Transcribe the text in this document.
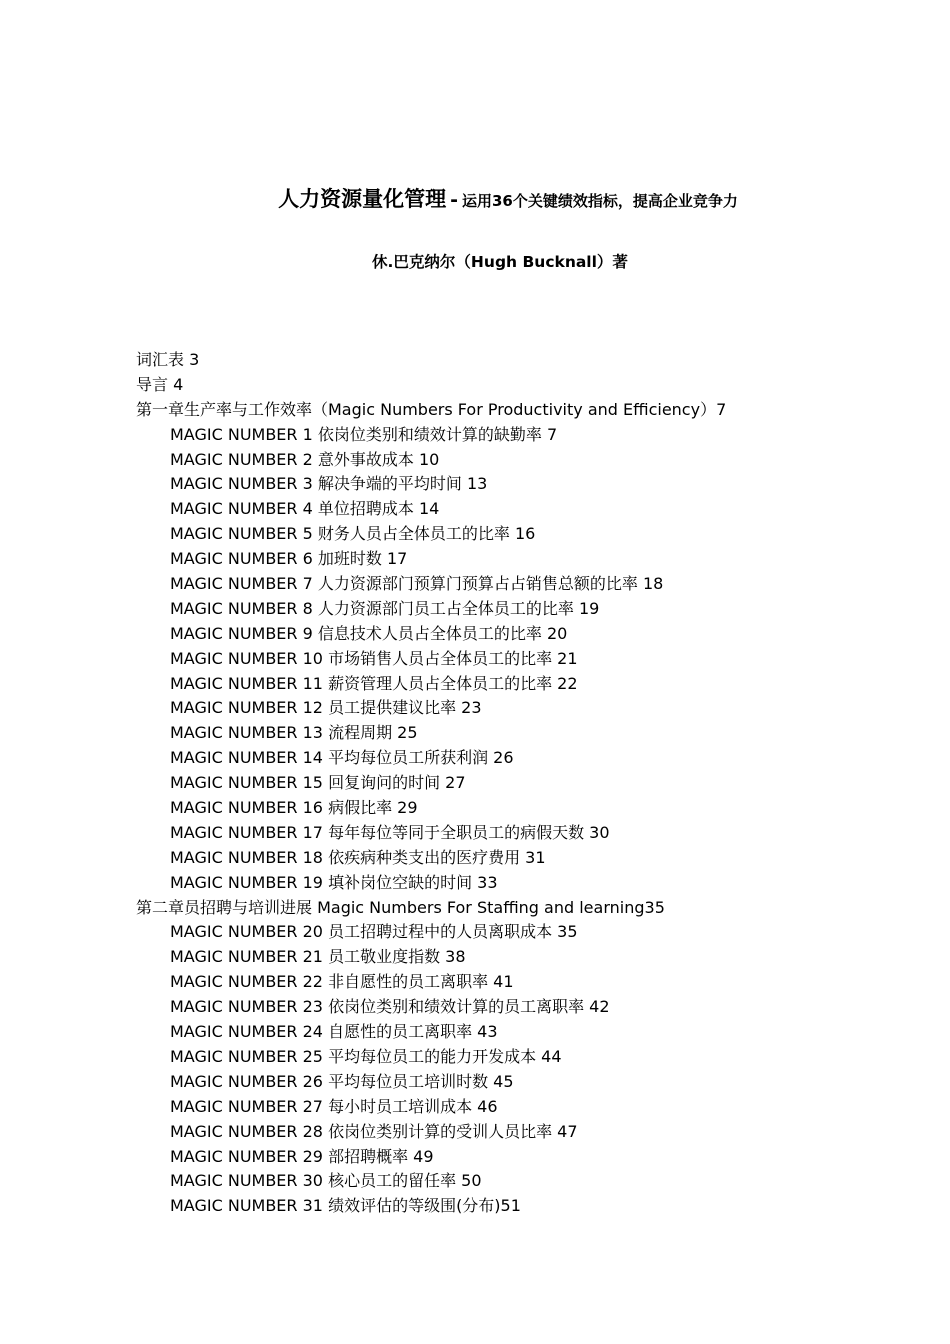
人力资源量化管理 - 运用36个关键绩效指标，提高企业竞争力
休.巴克纳尔（Hugh Bucknall）著
词汇表 3
导言 4
第一章生产率与工作效率（Magic Numbers For Productivity and Efficiency）7
MAGIC NUMBER 1 依岗位类别和绩效计算的缺勤率 7
MAGIC NUMBER 2 意外事故成本 10
MAGIC NUMBER 3 解决争端的平均时间 13
MAGIC NUMBER 4 单位招聘成本 14
MAGIC NUMBER 5 财务人员占全体员工的比率 16
MAGIC NUMBER 6 加班时数 17
MAGIC NUMBER 7 人力资源部门预算门预算占占销售总额的比率 18
MAGIC NUMBER 8 人力资源部门员工占全体员工的比率 19
MAGIC NUMBER 9 信息技术人员占全体员工的比率 20
MAGIC NUMBER 10 市场销售人员占全体员工的比率 21
MAGIC NUMBER 11 薪资管理人员占全体员工的比率 22
MAGIC NUMBER 12 员工提供建议比率 23
MAGIC NUMBER 13 流程周期 25
MAGIC NUMBER 14 平均每位员工所获利润 26
MAGIC NUMBER 15 回复询问的时间 27
MAGIC NUMBER 16 病假比率 29
MAGIC NUMBER 17 每年每位等同于全职员工的病假天数 30
MAGIC NUMBER 18 依疾病种类支出的医疗费用 31
MAGIC NUMBER 19 填补岗位空缺的时间 33
第二章员招聘与培训进展 Magic Numbers For Staffing and learning35
MAGIC NUMBER 20 员工招聘过程中的人员离职成本 35
MAGIC NUMBER 21 员工敬业度指数 38
MAGIC NUMBER 22 非自愿性的员工离职率 41
MAGIC NUMBER 23 依岗位类别和绩效计算的员工离职率 42
MAGIC NUMBER 24 自愿性的员工离职率 43
MAGIC NUMBER 25 平均每位员工的能力开发成本 44
MAGIC NUMBER 26 平均每位员工培训时数 45
MAGIC NUMBER 27 每小时员工培训成本 46
MAGIC NUMBER 28 依岗位类别计算的受训人员比率 47
MAGIC NUMBER 29 部招聘概率 49
MAGIC NUMBER 30 核心员工的留任率 50
MAGIC NUMBER 31 绩效评估的等级围(分布)51
